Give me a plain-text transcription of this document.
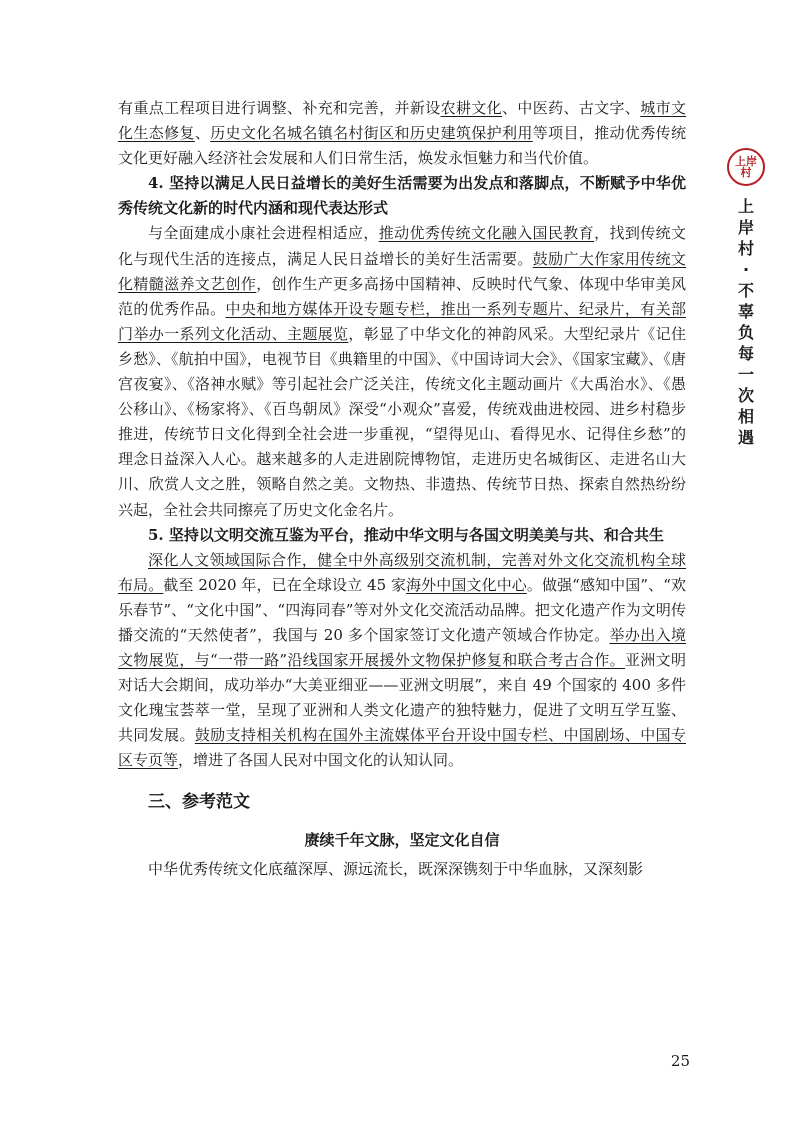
上岸村
上岸村·不辜负每一次相遇

有重点工程项目进行调整、补充和完善，并新设农耕文化、中医药、古文字、城市文化生态修复、历史文化名城名镇名村街区和历史建筑保护利用等项目，推动优秀传统文化更好融入经济社会发展和人们日常生活，焕发永恒魅力和当代价值。

4. 坚持以满足人民日益增长的美好生活需要为出发点和落脚点，不断赋予中华优秀传统文化新的时代内涵和现代表达形式

与全面建成小康社会进程相适应，推动优秀传统文化融入国民教育，找到传统文化与现代生活的连接点，满足人民日益增长的美好生活需要。鼓励广大作家用传统文化精髓滋养文艺创作，创作生产更多高扬中国精神、反映时代气象、体现中华审美风范的优秀作品。中央和地方媒体开设专题专栏，推出一系列专题片、纪录片，有关部门举办一系列文化活动、主题展览，彰显了中华文化的神韵风采。大型纪录片《记住乡愁》、《航拍中国》，电视节目《典籍里的中国》、《中国诗词大会》、《国家宝藏》、《唐宫夜宴》、《洛神水赋》等引起社会广泛关注，传统文化主题动画片《大禹治水》、《愚公移山》、《杨家将》、《百鸟朝凤》深受“小观众”喜爱，传统戏曲进校园、进乡村稳步推进，传统节日文化得到全社会进一步重视，“望得见山、看得见水、记得住乡愁”的理念日益深入人心。越来越多的人走进剧院博物馆，走进历史名城街区、走进名山大川、欣赏人文之胜，领略自然之美。文物热、非遗热、传统节日热、探索自然热纷纷兴起，全社会共同擦亮了历史文化金名片。

5. 坚持以文明交流互鉴为平台，推动中华文明与各国文明美美与共、和合共生

深化人文领域国际合作，健全中外高级别交流机制，完善对外文化交流机构全球布局。截至 2020 年，已在全球设立 45 家海外中国文化中心。做强“感知中国”、“欢乐春节”、“文化中国”、“四海同春”等对外文化交流活动品牌。把文化遗产作为文明传播交流的“天然使者”，我国与 20 多个国家签订文化遗产领域合作协定。举办出入境文物展览，与“一带一路”沿线国家开展援外文物保护修复和联合考古合作。亚洲文明对话大会期间，成功举办“大美亚细亚——亚洲文明展”，来自 49 个国家的 400 多件文化瑰宝荟萃一堂，呈现了亚洲和人类文化遗产的独特魅力，促进了文明互学互鉴、共同发展。鼓励支持相关机构在国外主流媒体平台开设中国专栏、中国剧场、中国专区专页等，增进了各国人民对中国文化的认知认同。

三、参考范文
赓续千年文脉，坚定文化自信

中华优秀传统文化底蕴深厚、源远流长，既深深镌刻于中华血脉，又深刻影

25
